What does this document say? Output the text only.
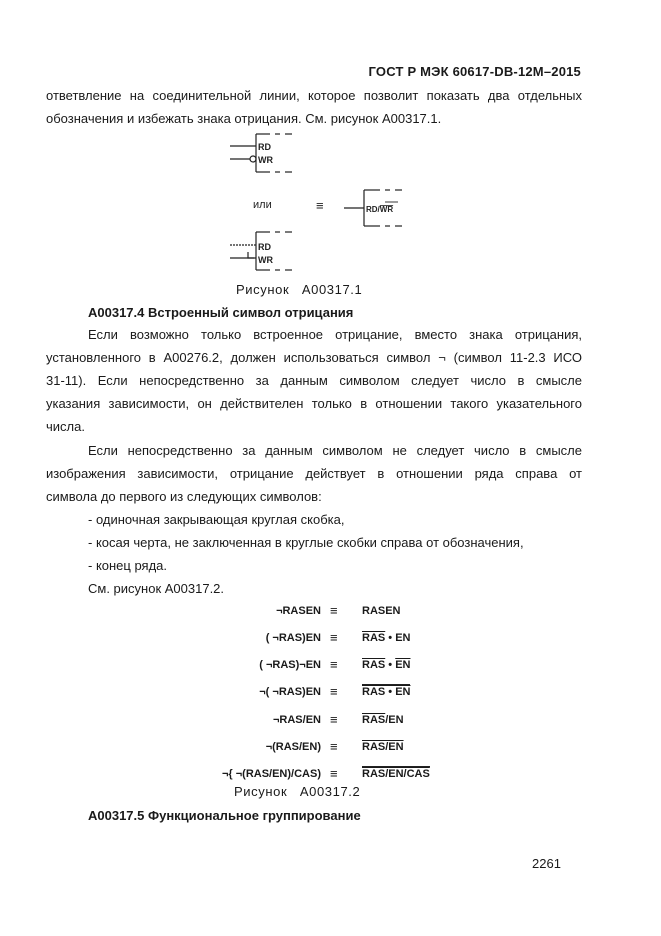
ГОСТ Р МЭК 60617-DB-12M–2015
ответвление на соединительной линии, которое позволит показать два отдельных
обозначения и избежать знака отрицания. См. рисунок A00317.1.
RD
WR
или	≡	RD/WR
RD
WR
Рисунок A00317.1
A00317.4 Встроенный символ отрицания
Если возможно только встроенное отрицание, вместо знака отрицания,
установленного в A00276.2, должен использоваться символ ¬ (символ 11-2.3 ИСО
31-11). Если непосредственно за данным символом следует число в смысле
указания зависимости, он действителен только в отношении такого указательного
числа.
Если непосредственно за данным символом не следует число в смысле
изображения зависимости, отрицание действует в отношении ряда справа от
символа до первого из следующих символов:
- одиночная закрывающая круглая скобка,
- косая черта, не заключенная в круглые скобки справа от обозначения,
- конец ряда.
См. рисунок A00317.2.
¬RASEN ≡ RASEN
( ¬RAS)EN ≡ $\overline{RAS}$ • EN
( ¬RAS)¬EN ≡ $\overline{RAS}$ • $\overline{EN}$
¬( ¬RAS)EN ≡ RAS • EN
¬RAS/EN ≡ $\overline{RAS}/EN$
¬(RAS/EN) ≡ RAS/EN
¬{ ¬(RAS/EN)/CAS) ≡ RAS/EN/CAS
Рисунок A00317.2
A00317.5 Функциональное группирование
2261
